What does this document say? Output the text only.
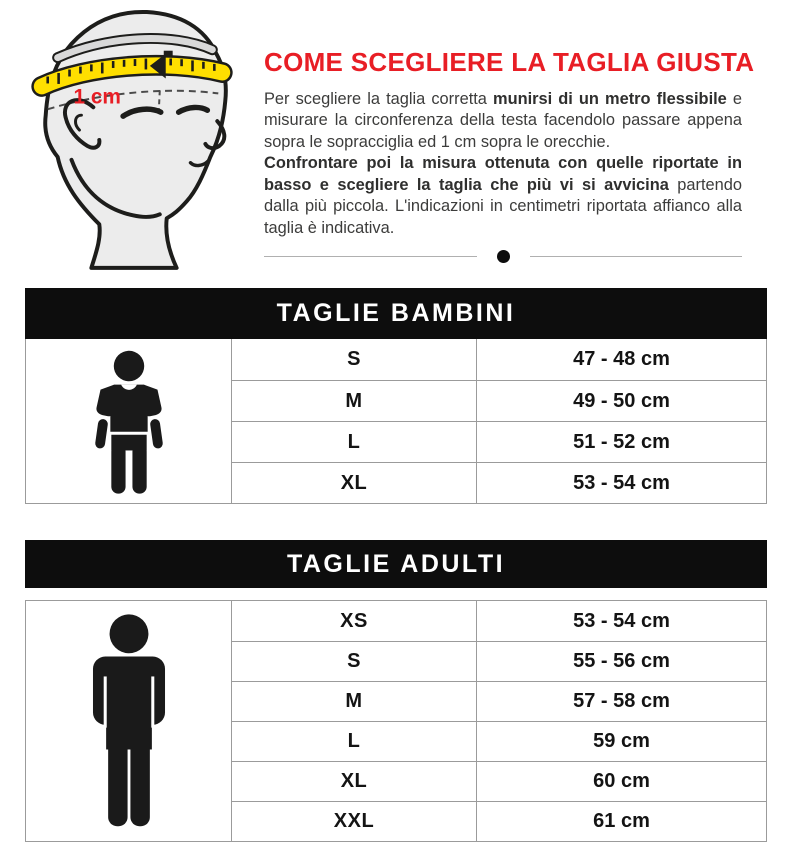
1 cm
COME SCEGLIERE LA TAGLIA GIUSTA
Per scegliere la taglia corretta munirsi di un metro flessibile e misurare la circonferenza della testa facendolo passare appena sopra le sopracciglia ed 1 cm sopra le orecchie.
Confrontare poi la misura ottenuta con quelle riportate in basso e scegliere la taglia che più vi si avvicina partendo dalla più piccola. L'indicazioni in centimetri riportata affianco alla taglia è indicativa.
TAGLIE BAMBINI
S	47 - 48 cm
M	49 - 50 cm
L	51 - 52 cm
XL	53 - 54 cm
TAGLIE ADULTI
XS	53 - 54 cm
S	55 - 56 cm
M	57 - 58 cm
L	59 cm
XL	60 cm
XXL	61 cm
